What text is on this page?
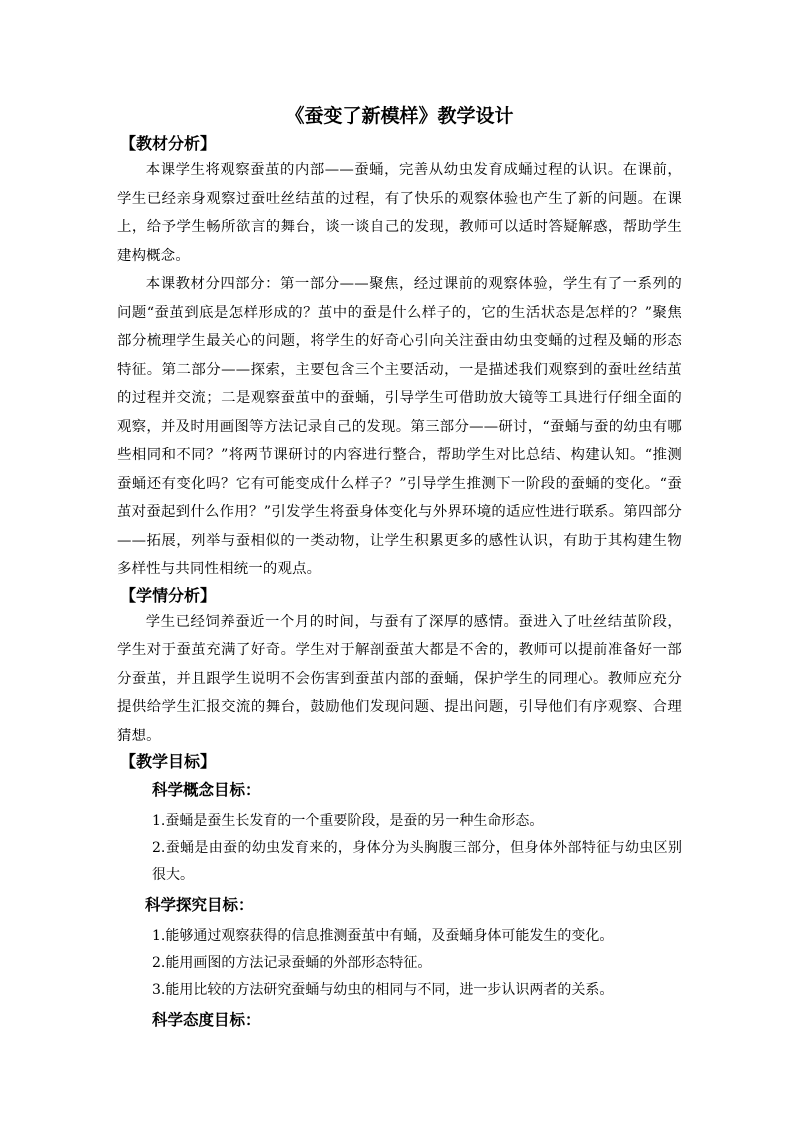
《蚕变了新模样》教学设计
【教材分析】

本课学生将观察蚕茧的内部——蚕蛹，完善从幼虫发育成蛹过程的认识。在课前，学生已经亲身观察过蚕吐丝结茧的过程，有了快乐的观察体验也产生了新的问题。在课上，给予学生畅所欲言的舞台，谈一谈自己的发现，教师可以适时答疑解惑，帮助学生建构概念。

本课教材分四部分：第一部分——聚焦，经过课前的观察体验，学生有了一系列的问题“蚕茧到底是怎样形成的？茧中的蚕是什么样子的，它的生活状态是怎样的？”聚焦部分梳理学生最关心的问题，将学生的好奇心引向关注蚕由幼虫变蛹的过程及蛹的形态特征。第二部分——探索，主要包含三个主要活动，一是描述我们观察到的蚕吐丝结茧的过程并交流；二是观察蚕茧中的蚕蛹，引导学生可借助放大镜等工具进行仔细全面的观察，并及时用画图等方法记录自己的发现。第三部分——研讨，“蚕蛹与蚕的幼虫有哪些相同和不同？”将两节课研讨的内容进行整合，帮助学生对比总结、构建认知。“推测蚕蛹还有变化吗？它有可能变成什么样子？”引导学生推测下一阶段的蚕蛹的变化。“蚕茧对蚕起到什么作用？”引发学生将蚕身体变化与外界环境的适应性进行联系。第四部分——拓展，列举与蚕相似的一类动物，让学生积累更多的感性认识，有助于其构建生物多样性与共同性相统一的观点。

【学情分析】

学生已经饲养蚕近一个月的时间，与蚕有了深厚的感情。蚕进入了吐丝结茧阶段，学生对于蚕茧充满了好奇。学生对于解剖蚕茧大都是不舍的，教师可以提前准备好一部分蚕茧，并且跟学生说明不会伤害到蚕茧内部的蚕蛹，保护学生的同理心。教师应充分提供给学生汇报交流的舞台，鼓励他们发现问题、提出问题，引导他们有序观察、合理猜想。

【教学目标】
科学概念目标：

1.蚕蛹是蚕生长发育的一个重要阶段，是蚕的另一种生命形态。

2.蚕蛹是由蚕的幼虫发育来的，身体分为头胸腹三部分，但身体外部特征与幼虫区别很大。

科学探究目标：

1.能够通过观察获得的信息推测蚕茧中有蛹，及蚕蛹身体可能发生的变化。

2.能用画图的方法记录蚕蛹的外部形态特征。

3.能用比较的方法研究蚕蛹与幼虫的相同与不同，进一步认识两者的关系。

科学态度目标：
